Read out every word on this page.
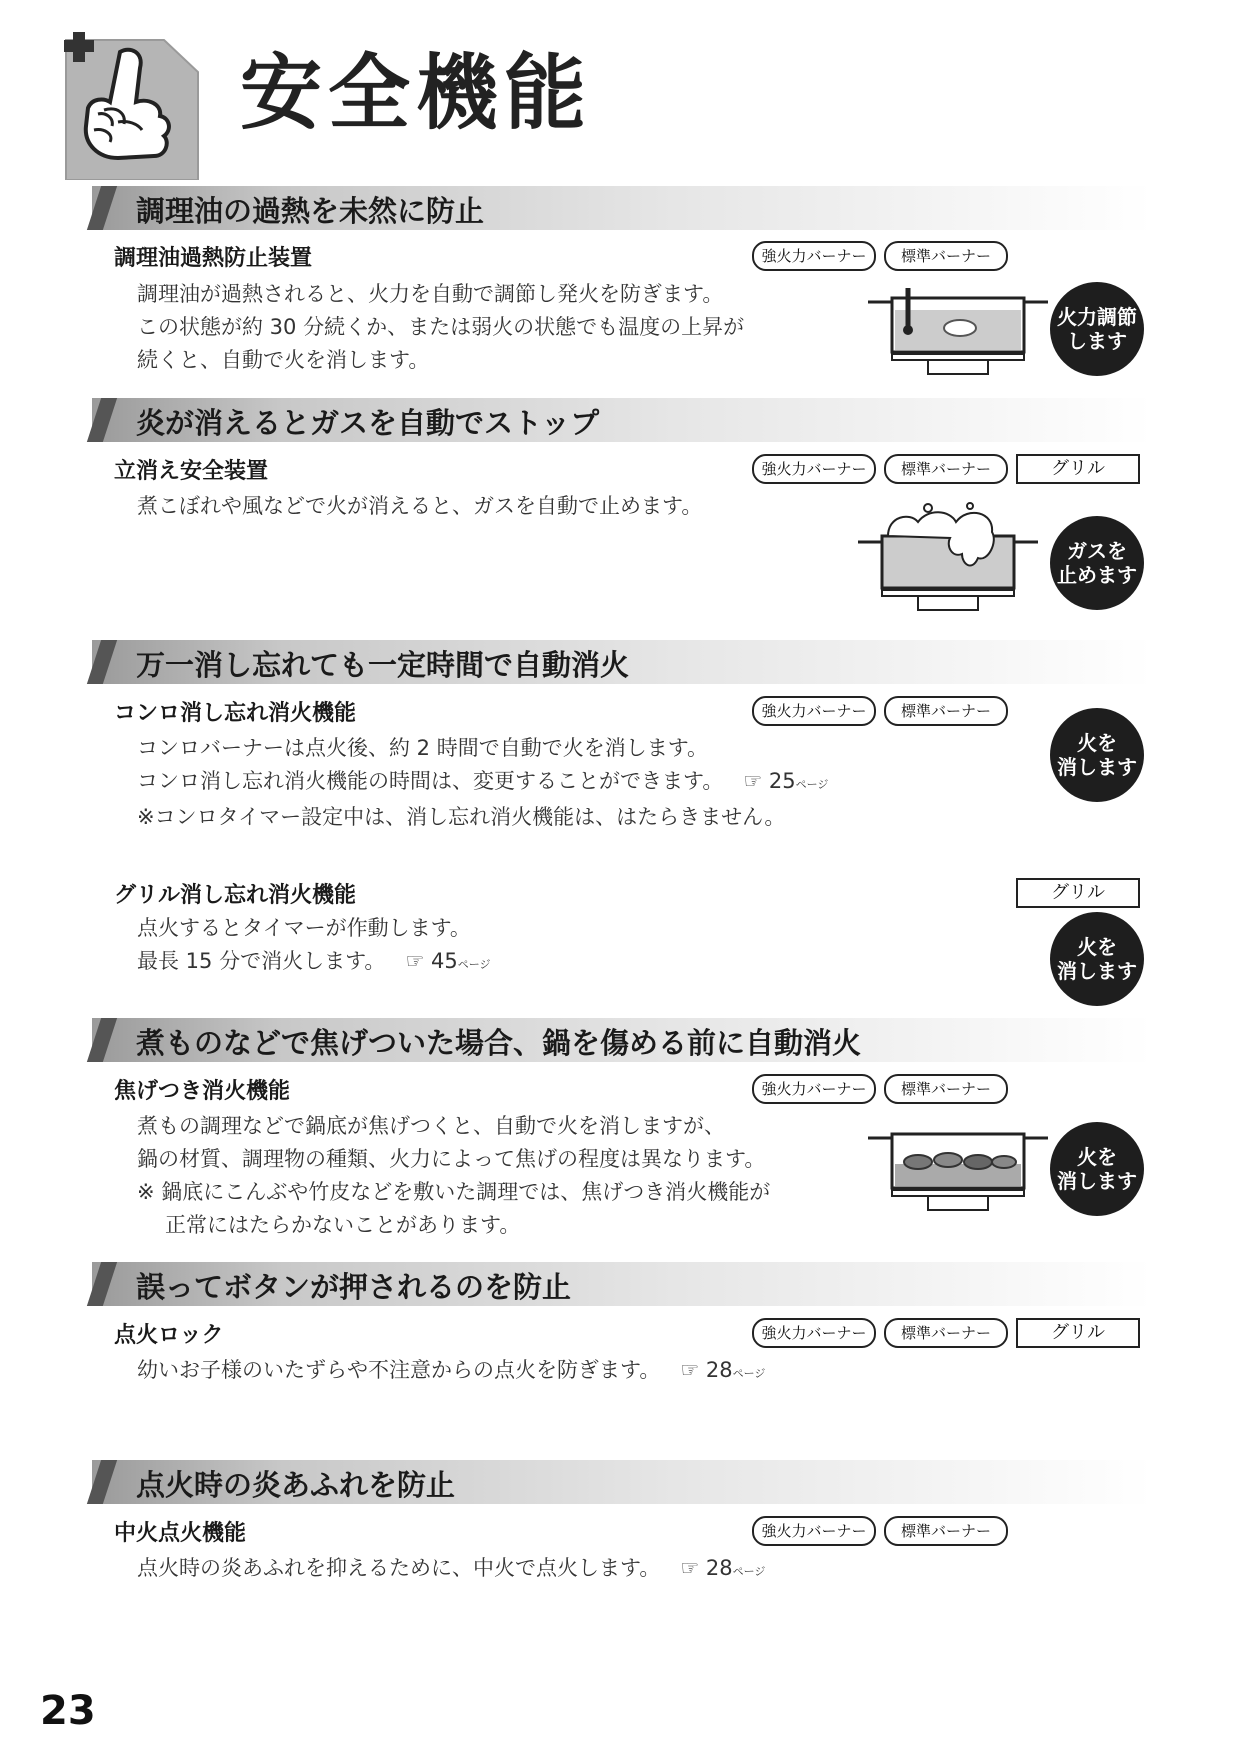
安全機能
調理油の過熱を未然に防止
調理油過熱防止装置	強火力バーナー	標準バーナー
調理油が過熱されると、火力を自動で調節し発火を防ぎます。
この状態が約 30 分続くか、または弱火の状態でも温度の上昇が
続くと、自動で火を消します。
火力調節
します
炎が消えるとガスを自動でストップ
立消え安全装置	強火力バーナー	標準バーナー	グリル
煮こぼれや風などで火が消えると、ガスを自動で止めます。
ガスを
止めます
万一消し忘れても一定時間で自動消火
コンロ消し忘れ消火機能	強火力バーナー	標準バーナー
コンロバーナーは点火後、約 2 時間で自動で火を消します。
コンロ消し忘れ消火機能の時間は、変更することができます。 ☞ 25ページ
※コンロタイマー設定中は、消し忘れ消火機能は、はたらきません。
火を
消します
グリル消し忘れ消火機能	グリル
点火するとタイマーが作動します。
最長 15 分で消火します。 ☞ 45ページ
火を
消します
煮ものなどで焦げついた場合、鍋を傷める前に自動消火
焦げつき消火機能	強火力バーナー	標準バーナー
煮もの調理などで鍋底が焦げつくと、自動で火を消しますが、
鍋の材質、調理物の種類、火力によって焦げの程度は異なります。
※ 鍋底にこんぶや竹皮などを敷いた調理では、焦げつき消火機能が
正常にはたらかないことがあります。
火を
消します
誤ってボタンが押されるのを防止
点火ロック	強火力バーナー	標準バーナー	グリル
幼いお子様のいたずらや不注意からの点火を防ぎます。 ☞ 28ページ
点火時の炎あふれを防止
中火点火機能	強火力バーナー	標準バーナー
点火時の炎あふれを抑えるために、中火で点火します。 ☞ 28ページ
23
